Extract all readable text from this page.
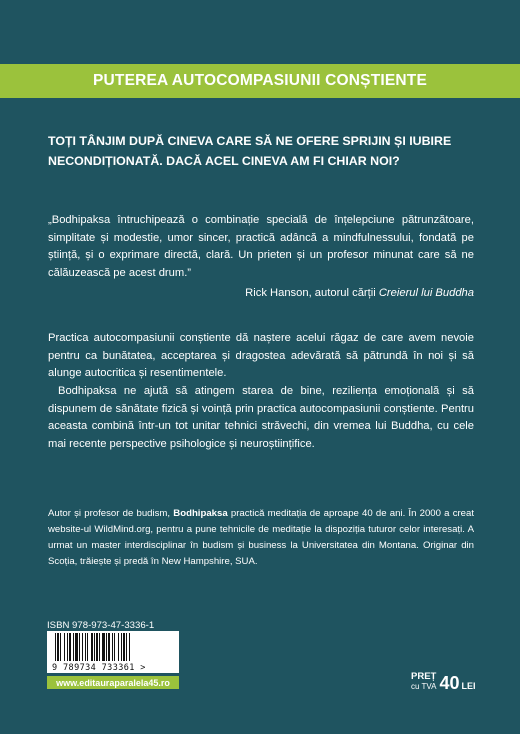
PUTEREA AUTOCOMPASIUNII CONȘTIENTE
TOȚI TÂNJIM DUPĂ CINEVA CARE SĂ NE OFERE SPRIJIN ȘI IUBIRE NECONDIȚIONATĂ. DACĂ ACEL CINEVA AM FI CHIAR NOI?
„Bodhipaksa întruchipează o combinație specială de înțelepciune pătrunzătoare, simplitate și modestie, umor sincer, practică adâncă a mindfulnessului, fondată pe știință, și o exprimare directă, clară. Un prieten și un profesor minunat care să ne călăuzească pe acest drum.”
Rick Hanson, autorul cărții Creierul lui Buddha
Practica autocompasiunii conștiente dă naștere acelui răgaz de care avem nevoie pentru ca bunătatea, acceptarea și dragostea adevărată să pătrundă în noi și să alunge autocritica și resentimentele.
Bodhipaksa ne ajută să atingem starea de bine, reziliența emoțională și să dispunem de sănătate fizică și voință prin practica autocompasiunii conștiente. Pentru aceasta combină într-un tot unitar tehnici străvechi, din vremea lui Buddha, cu cele mai recente perspective psihologice și neuroștiințifice.
Autor și profesor de budism, Bodhipaksa practică meditația de aproape 40 de ani. În 2000 a creat website-ul WildMind.org, pentru a pune tehnicile de meditație la dispoziția tuturor celor interesați. A urmat un master interdisciplinar în budism și business la Universitatea din Montana. Originar din Scoția, trăiește și predă în New Hampshire, SUA.
ISBN 978-973-47-3336-1
9 789734 733361 >
www.editauraparalela45.ro
PREȚ
cu TVA 40 LEI
